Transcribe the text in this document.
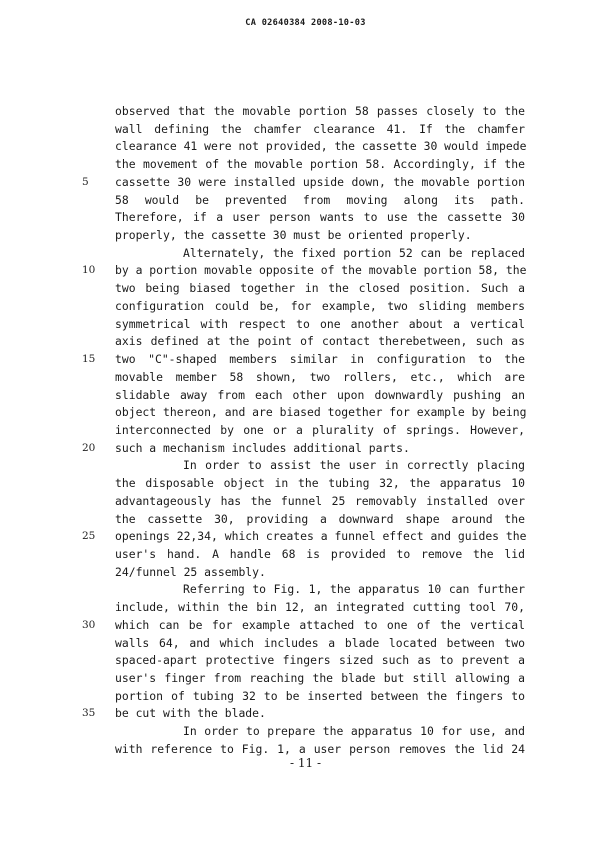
CA 02640384 2008-10-03
observed that the movable portion 58 passes closely to the
wall defining the chamfer clearance 41. If the chamfer
clearance 41 were not provided, the cassette 30 would impede
the movement of the movable portion 58. Accordingly, if the
cassette 30 were installed upside down, the movable portion
5
58 would be prevented from moving along its path.
Therefore, if a user person wants to use the cassette 30
properly, the cassette 30 must be oriented properly.
Alternately, the fixed portion 52 can be replaced
by a portion movable opposite of the movable portion 58, the
10
two being biased together in the closed position. Such a
configuration could be, for example, two sliding members
symmetrical with respect to one another about a vertical
axis defined at the point of contact therebetween, such as
two "C"-shaped members similar in configuration to the
15
movable member 58 shown, two rollers, etc., which are
slidable away from each other upon downwardly pushing an
object thereon, and are biased together for example by being
interconnected by one or a plurality of springs. However,
such a mechanism includes additional parts.
20
In order to assist the user in correctly placing
the disposable object in the tubing 32, the apparatus 10
advantageously has the funnel 25 removably installed over
the cassette 30, providing a downward shape around the
openings 22,34, which creates a funnel effect and guides the
25
user's hand. A handle 68 is provided to remove the lid
24/funnel 25 assembly.
Referring to Fig. 1, the apparatus 10 can further
include, within the bin 12, an integrated cutting tool 70,
which can be for example attached to one of the vertical
30
walls 64, and which includes a blade located between two
spaced-apart protective fingers sized such as to prevent a
user's finger from reaching the blade but still allowing a
portion of tubing 32 to be inserted between the fingers to
be cut with the blade.
35
In order to prepare the apparatus 10 for use, and
with reference to Fig. 1, a user person removes the lid 24
- 11 -
